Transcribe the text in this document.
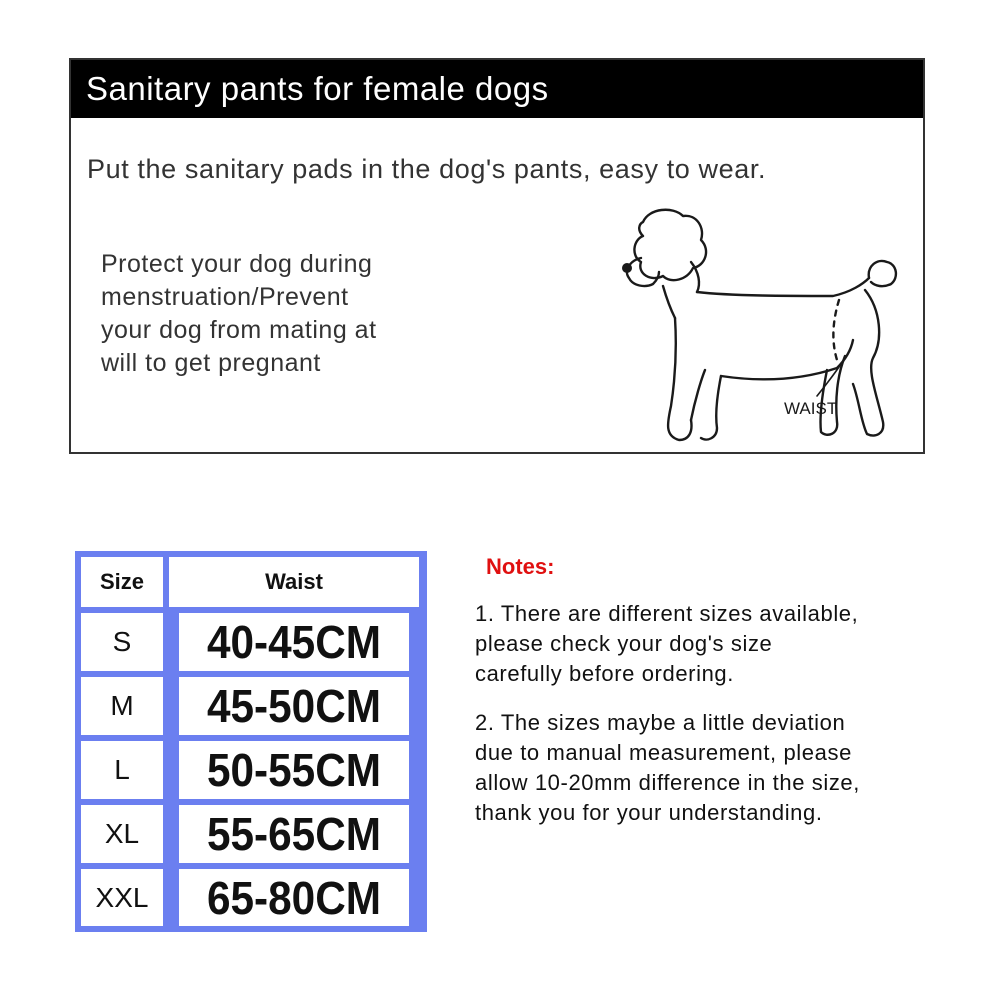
Sanitary pants for female dogs
Put the sanitary pads in the dog's pants, easy to wear.
Protect your dog during
menstruation/Prevent
your dog from mating at
will to get pregnant
WAIST
Size	Waist
S	40-45CM
M	45-50CM
L	50-55CM
XL	55-65CM
XXL	65-80CM
Notes:
1. There are different sizes available,
please check your dog's size
carefully before ordering.
2. The sizes maybe a little deviation
due to manual measurement, please
allow 10-20mm difference in the size,
thank you for your understanding.
